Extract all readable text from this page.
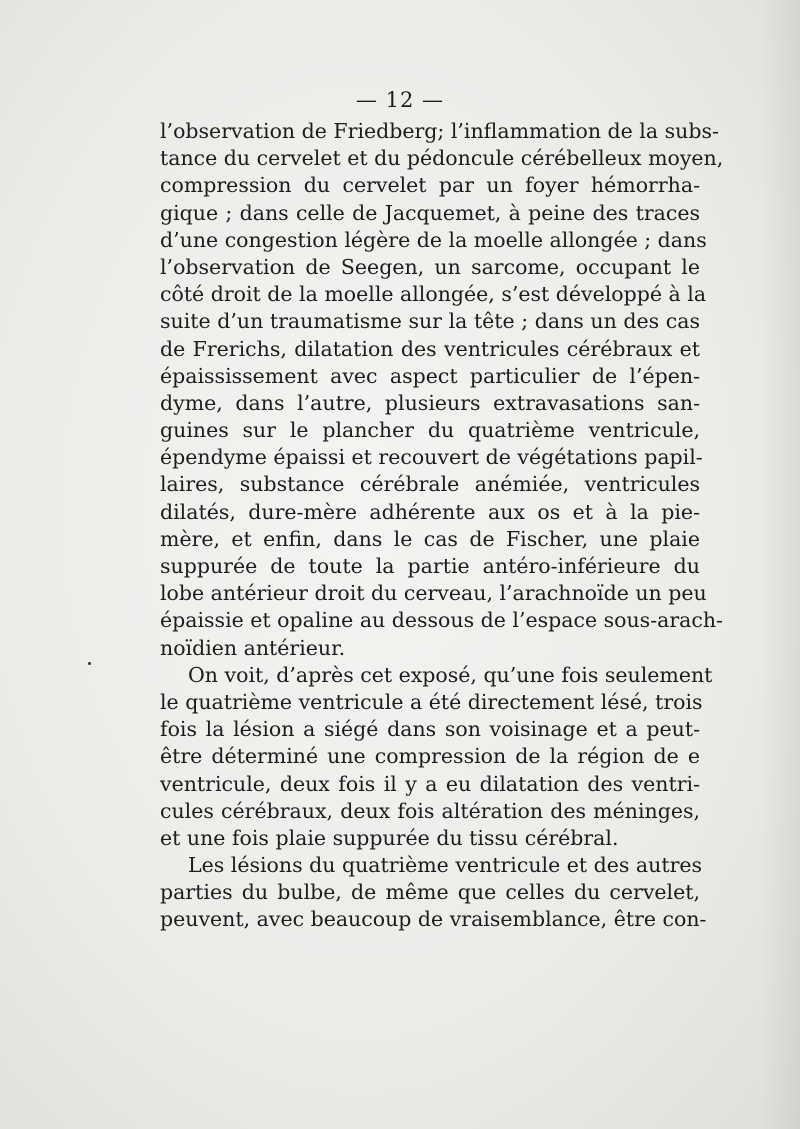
— 12 —
l’observation de Friedberg; l’inflammation de la subs-
tance du cervelet et du pédoncule cérébelleux moyen,
compression du cervelet par un foyer hémorrha-
gique ; dans celle de Jacquemet, à peine des traces
d’une congestion légère de la moelle allongée ; dans
l’observation de Seegen, un sarcome, occupant le
côté droit de la moelle allongée, s’est développé à la
suite d’un traumatisme sur la tête ; dans un des cas
de Frerichs, dilatation des ventricules cérébraux et
épaississement avec aspect particulier de l’épen-
dyme, dans l’autre, plusieurs extravasations san-
guines sur le plancher du quatrième ventricule,
épendyme épaissi et recouvert de végétations papil-
laires, substance cérébrale anémiée, ventricules
dilatés, dure-mère adhérente aux os et à la pie-
mère, et enfin, dans le cas de Fischer, une plaie
suppurée de toute la partie antéro-inférieure du
lobe antérieur droit du cerveau, l’arachnoïde un peu
épaissie et opaline au dessous de l’espace sous-arach-
noïdien antérieur.
On voit, d’après cet exposé, qu’une fois seulement
le quatrième ventricule a été directement lésé, trois
fois la lésion a siégé dans son voisinage et a peut-
être déterminé une compression de la région de e
ventricule, deux fois il y a eu dilatation des ventri-
cules cérébraux, deux fois altération des méninges,
et une fois plaie suppurée du tissu cérébral.
Les lésions du quatrième ventricule et des autres
parties du bulbe, de même que celles du cervelet,
peuvent, avec beaucoup de vraisemblance, être con-
